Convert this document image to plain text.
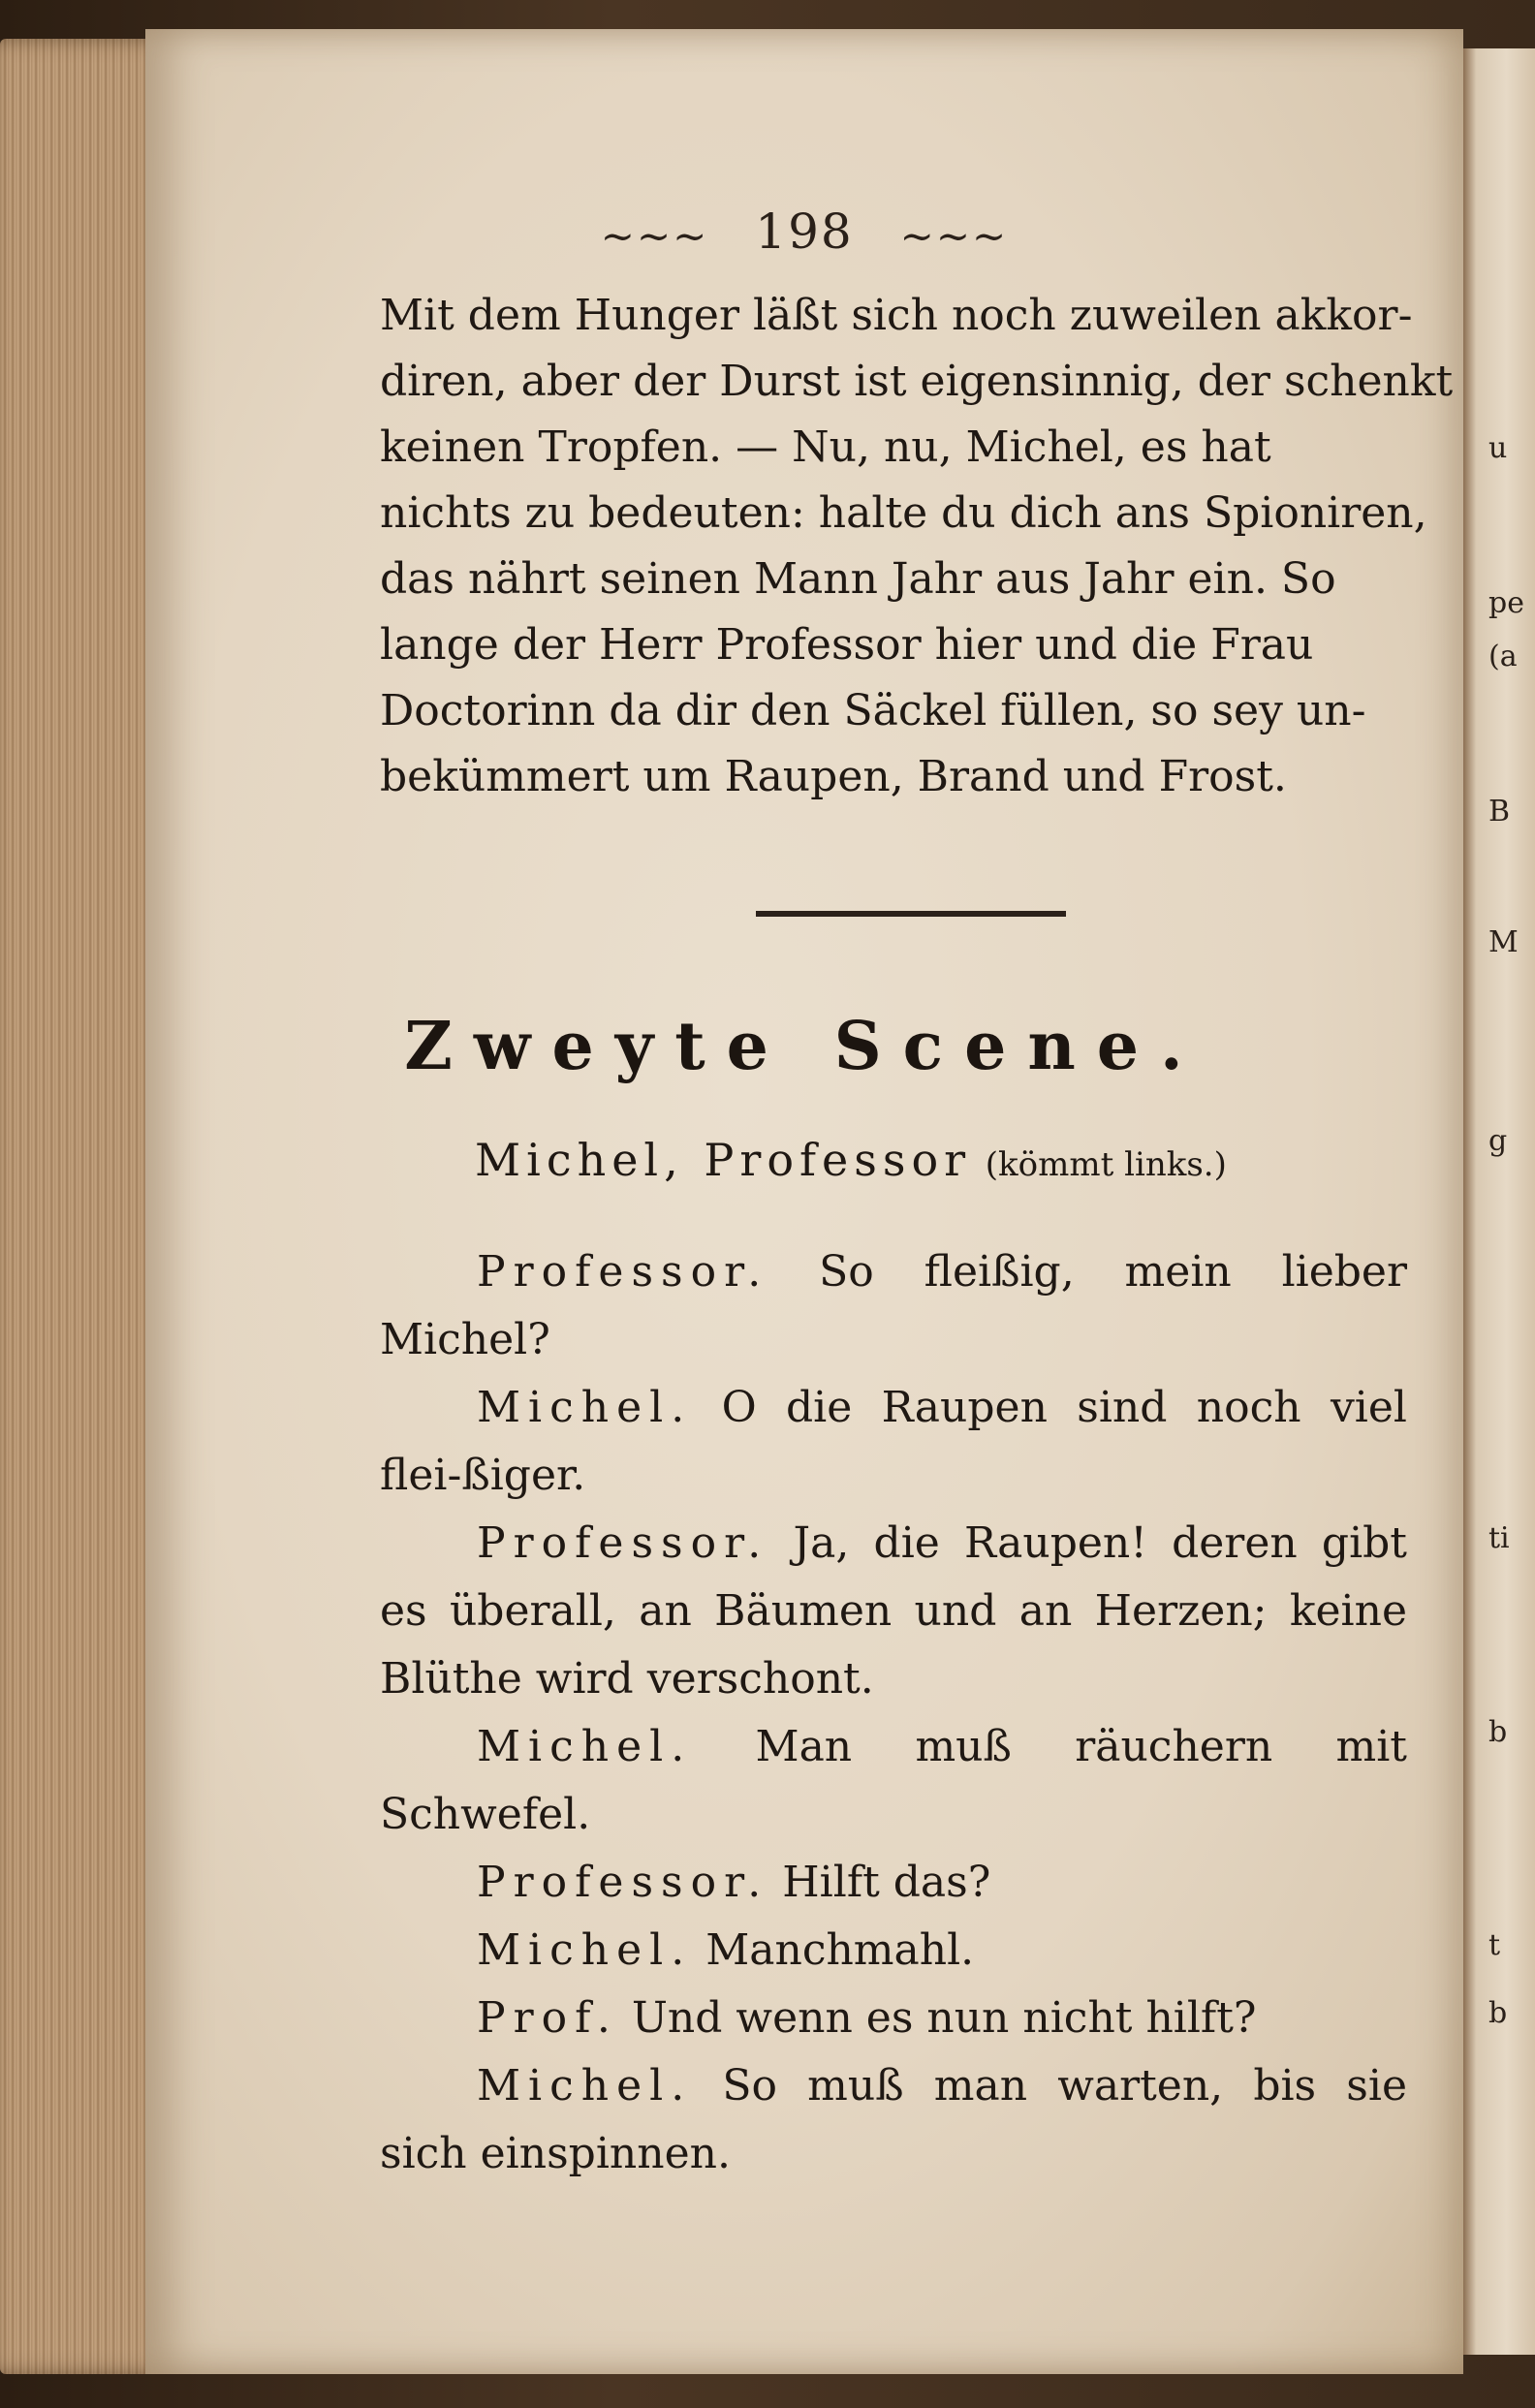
u
pe
(a
B
M
g
ti
b
t
b
~~~ 198 ~~~
Mit dem Hunger läßt sich noch zuweilen akkor-
diren, aber der Durst ist eigensinnig, der schenkt
keinen Tropfen. — Nu, nu, Michel, es hat
nichts zu bedeuten: halte du dich ans Spioniren,
das nährt seinen Mann Jahr aus Jahr ein. So
lange der Herr Professor hier und die Frau
Doctorinn da dir den Säckel füllen, so sey un-
bekümmert um Raupen, Brand und Frost.
Zweyte Scene.
Michel, Professor (kömmt links.)
Professor. So fleißig, mein lieber Michel?
Michel. O die Raupen sind noch viel flei-ßiger.
Professor. Ja, die Raupen! deren gibt es überall, an Bäumen und an Herzen; keine Blüthe wird verschont.
Michel. Man muß räuchern mit Schwefel.
Professor. Hilft das?
Michel. Manchmahl.
Prof. Und wenn es nun nicht hilft?
Michel. So muß man warten, bis sie sich einspinnen.
